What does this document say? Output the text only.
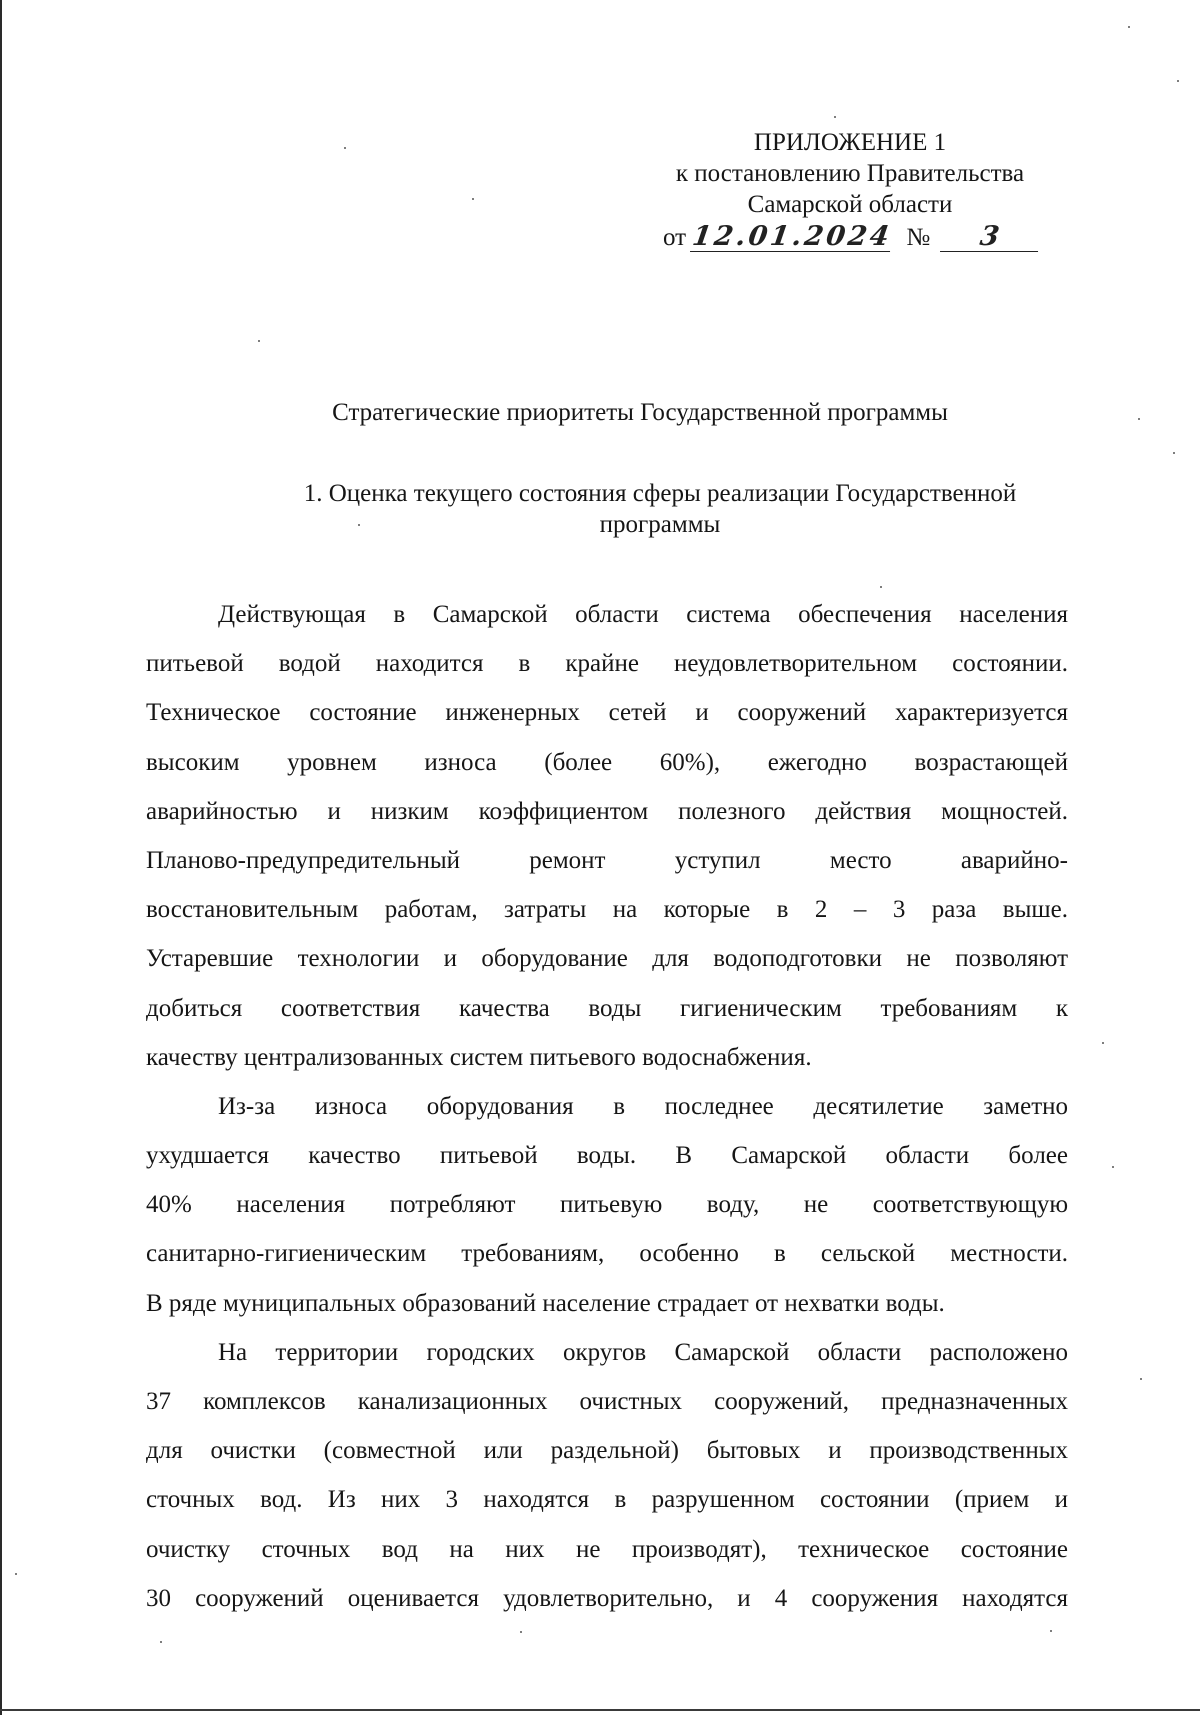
ПРИЛОЖЕНИЕ 1
к постановлению Правительства
Самарской области
от 12.01.2024 № 3
Стратегические приоритеты Государственной программы
1. Оценка текущего состояния сферы реализации Государственной
программы
Действующая в Самарской области система обеспечения населения
питьевой водой находится в крайне неудовлетворительном состоянии.
Техническое состояние инженерных сетей и сооружений характеризуется
высоким уровнем износа (более 60%), ежегодно возрастающей
аварийностью и низким коэффициентом полезного действия мощностей.
Планово-предупредительный ремонт уступил место аварийно-
восстановительным работам, затраты на которые в 2 – 3 раза выше.
Устаревшие технологии и оборудование для водоподготовки не позволяют
добиться соответствия качества воды гигиеническим требованиям к
качеству централизованных систем питьевого водоснабжения.
Из-за износа оборудования в последнее десятилетие заметно
ухудшается качество питьевой воды. В Самарской области более
40% населения потребляют питьевую воду, не соответствующую
санитарно-гигиеническим требованиям, особенно в сельской местности.
В ряде муниципальных образований население страдает от нехватки воды.
На территории городских округов Самарской области расположено
37 комплексов канализационных очистных сооружений, предназначенных
для очистки (совместной или раздельной) бытовых и производственных
сточных вод. Из них 3 находятся в разрушенном состоянии (прием и
очистку сточных вод на них не производят), техническое состояние
30 сооружений оценивается удовлетворительно, и 4 сооружения находятся
